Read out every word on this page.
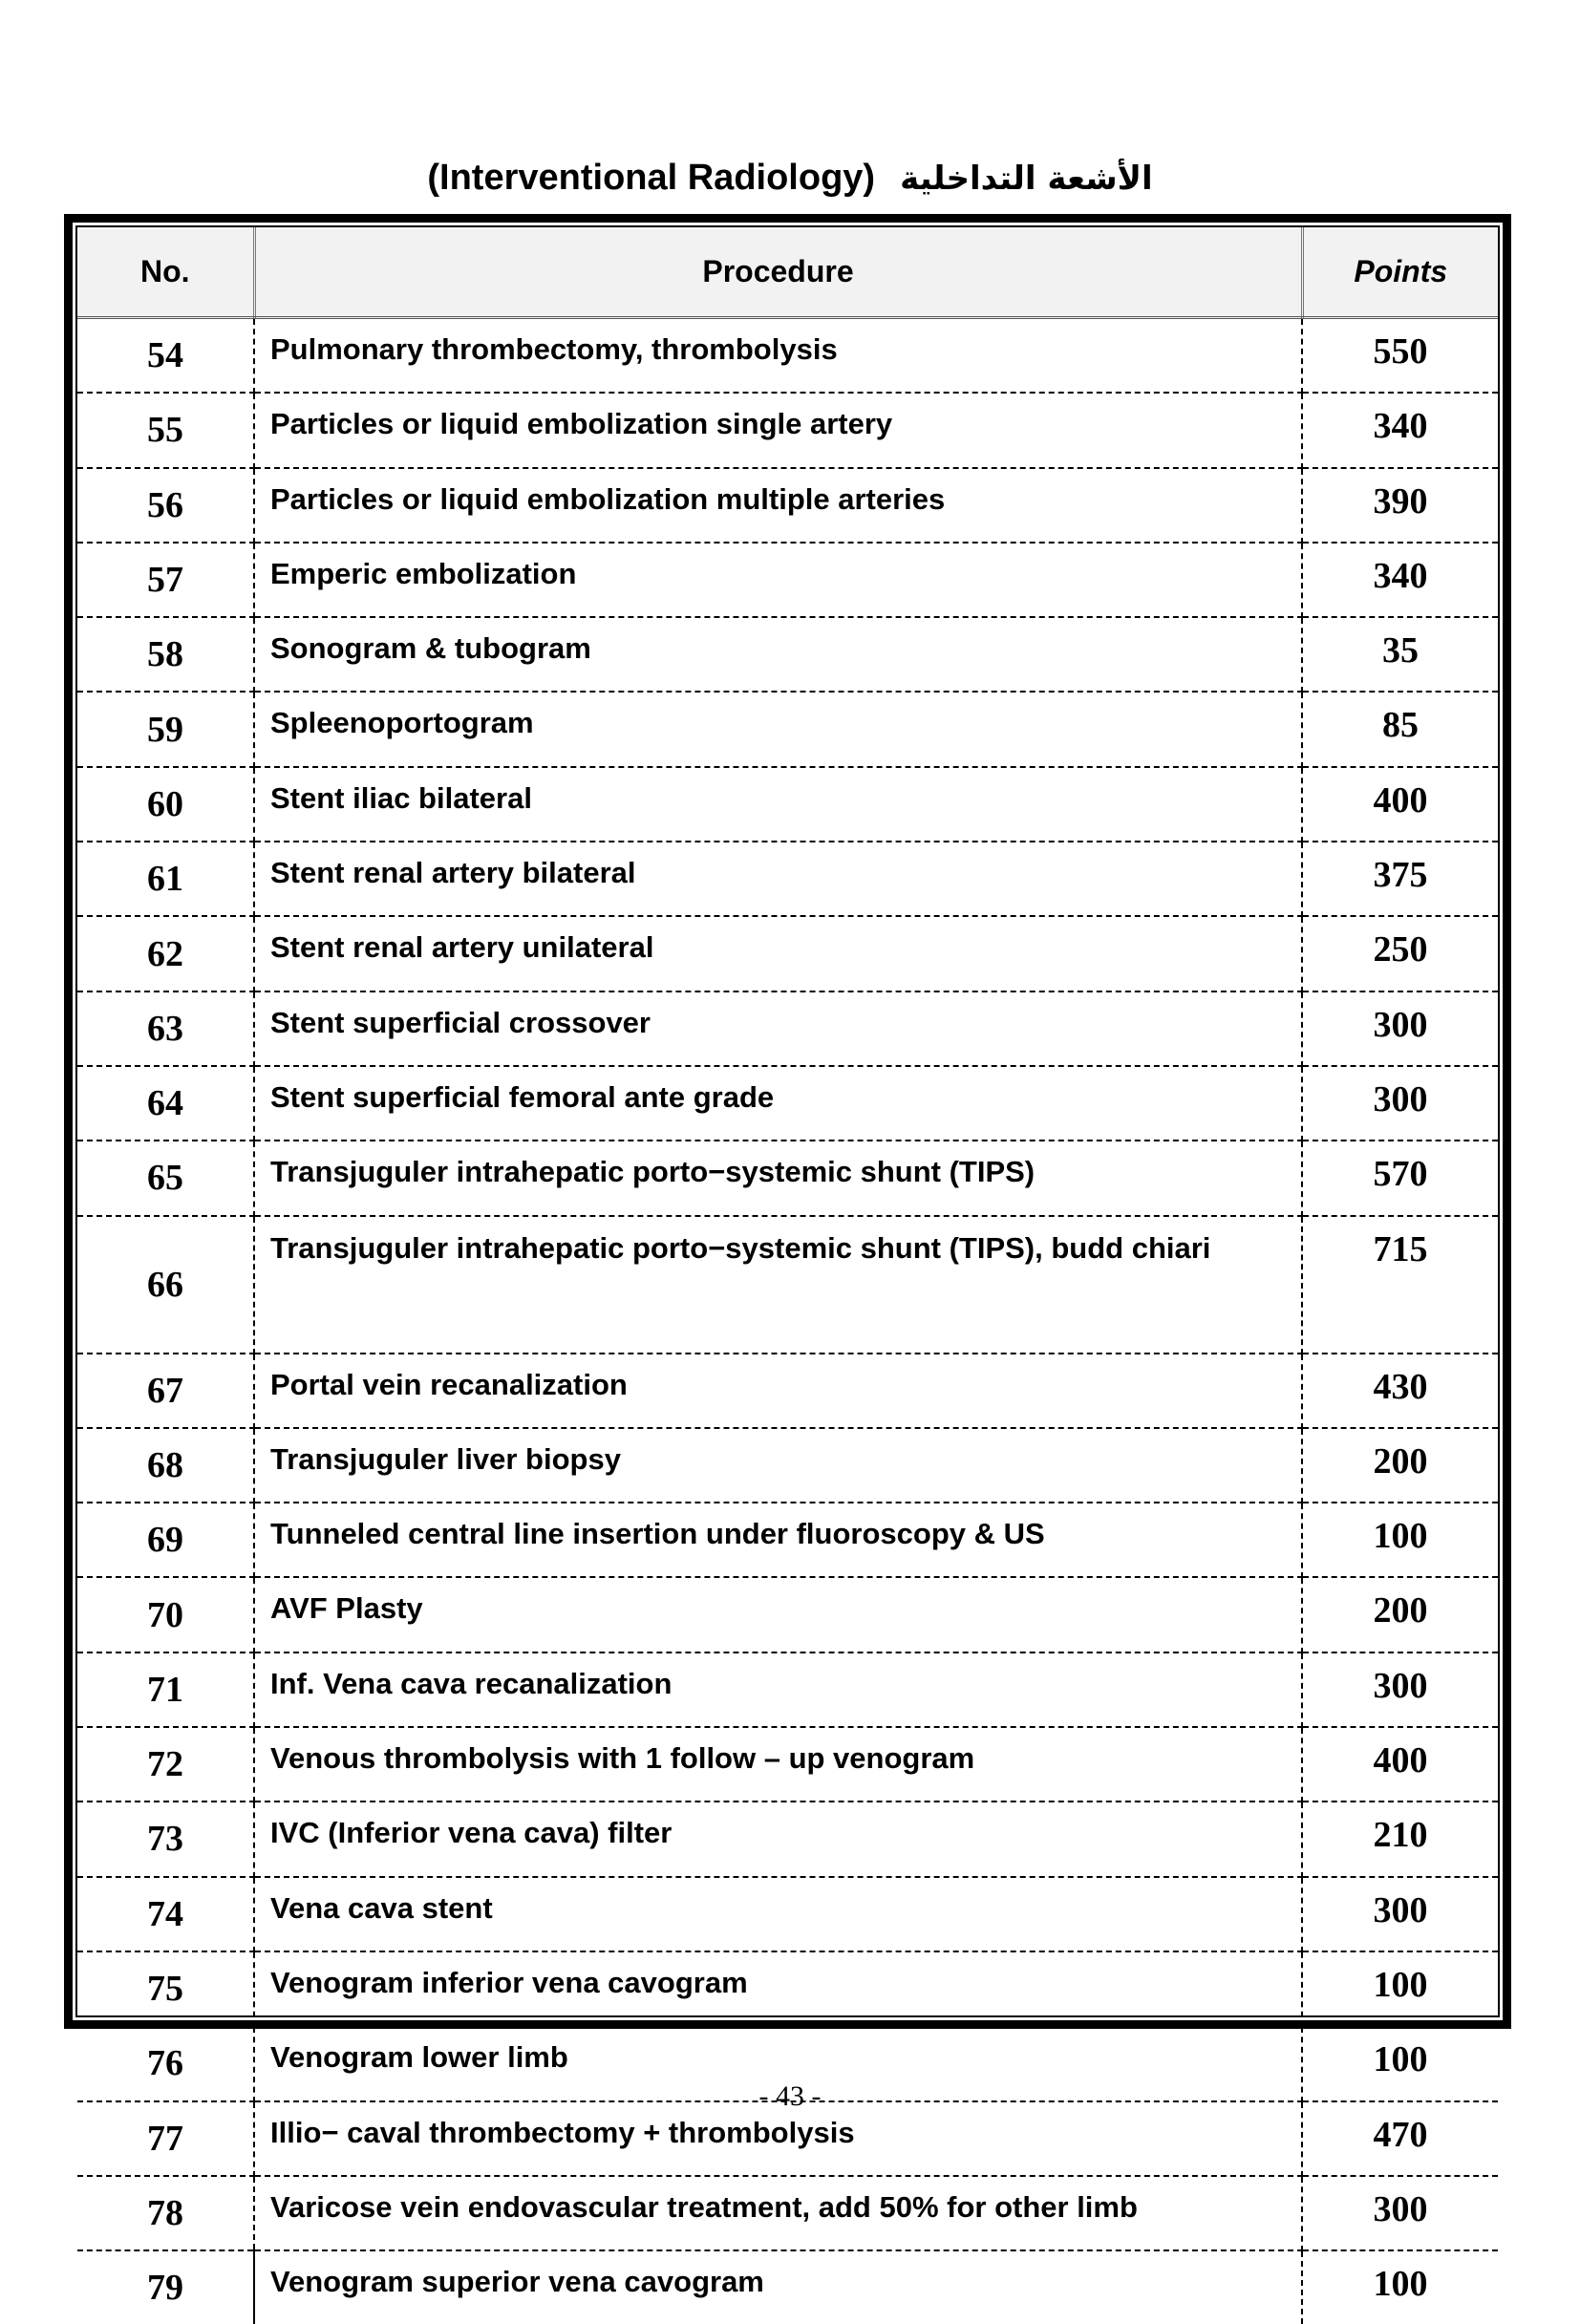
(Interventional Radiology) الأشعة التداخلية
No.	Procedure	Points
54	Pulmonary thrombectomy, thrombolysis	550
55	Particles or liquid embolization single artery	340
56	Particles or liquid embolization multiple arteries	390
57	Emperic embolization	340
58	Sonogram & tubogram	35
59	Spleenoportogram	85
60	Stent iliac bilateral	400
61	Stent renal artery bilateral	375
62	Stent renal artery unilateral	250
63	Stent superficial crossover	300
64	Stent superficial femoral ante grade	300
65	Transjuguler intrahepatic porto−systemic shunt (TIPS)	570
66	Transjuguler intrahepatic porto−systemic shunt (TIPS), budd chiari	715
67	Portal vein recanalization	430
68	Transjuguler liver biopsy	200
69	Tunneled central line insertion under fluoroscopy & US	100
70	AVF Plasty	200
71	Inf. Vena cava recanalization	300
72	Venous thrombolysis with 1 follow – up venogram	400
73	IVC (Inferior vena cava) filter	210
74	Vena cava stent	300
75	Venogram inferior vena cavogram	100
76	Venogram lower limb	100
77	Illio− caval thrombectomy + thrombolysis	470
78	Varicose vein endovascular treatment, add 50% for other limb	300
79	Venogram superior vena cavogram	100
- 43 -
